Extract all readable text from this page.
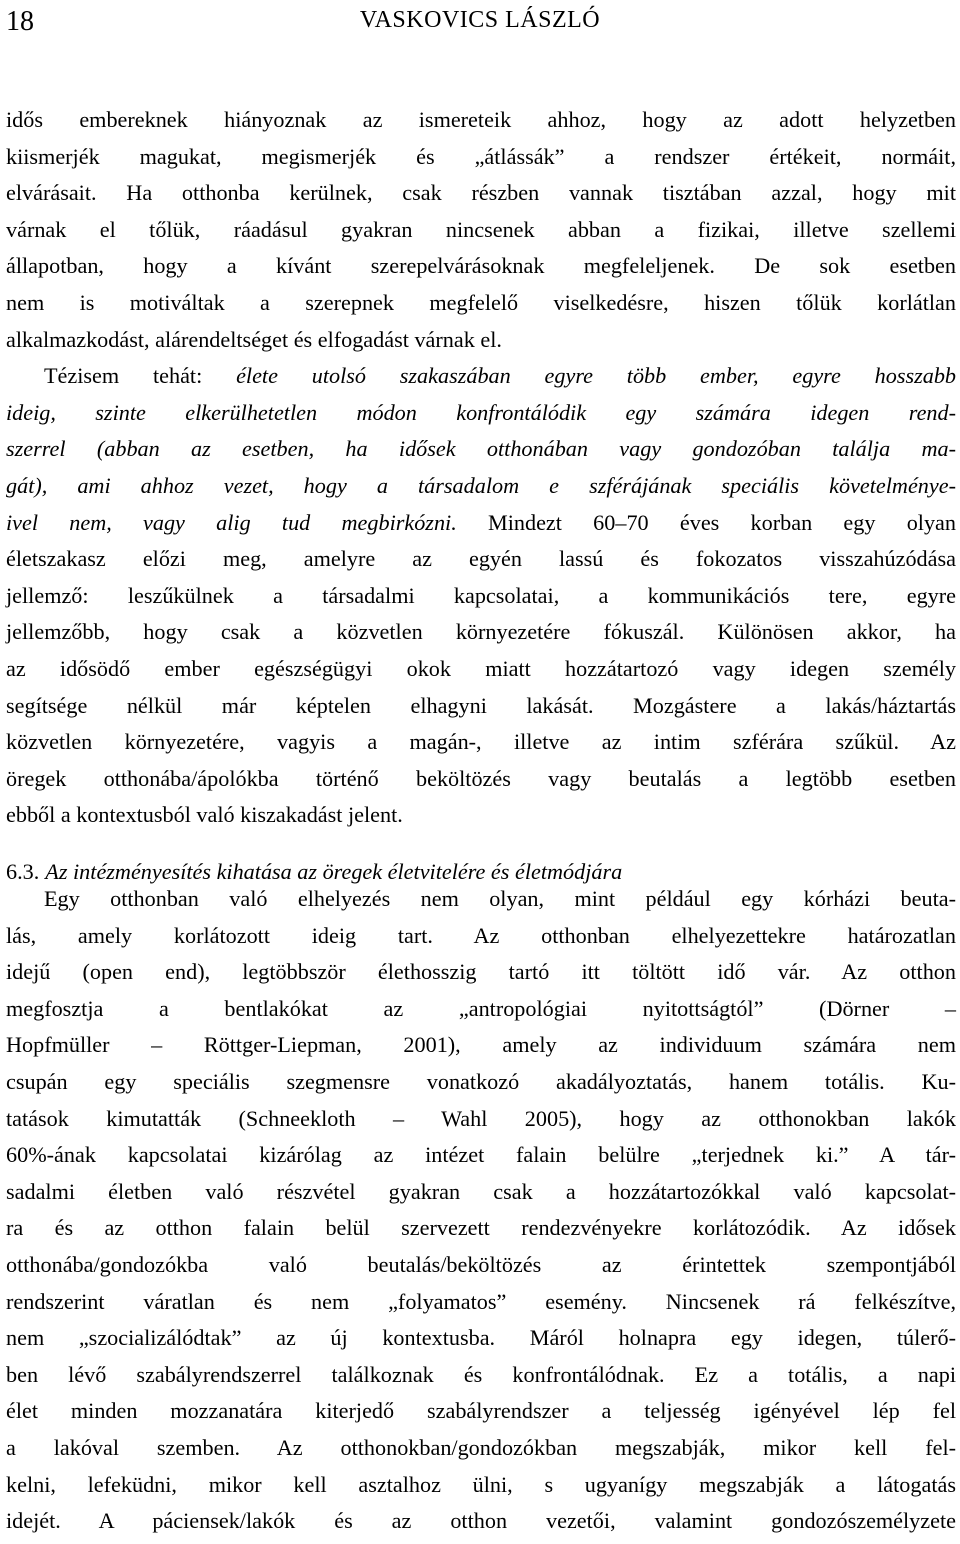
18	VASKOVICS LÁSZLÓ
idős embereknek hiányoznak az ismereteik ahhoz, hogy az adott helyzetben
kiismerjék magukat, megismerjék és „átlássák” a rendszer értékeit, normáit,
elvárásait. Ha otthonba kerülnek, csak részben vannak tisztában azzal, hogy mit
várnak el tőlük, ráadásul gyakran nincsenek abban a fizikai, illetve szellemi
állapotban, hogy a kívánt szerepelvárásoknak megfeleljenek. De sok esetben
nem is motiváltak a szerepnek megfelelő viselkedésre, hiszen tőlük korlátlan
alkalmazkodást, alárendeltséget és elfogadást várnak el.
Tézisem tehát: élete utolsó szakaszában egyre több ember, egyre hosszabb
ideig, szinte elkerülhetetlen módon konfrontálódik egy számára idegen rend-
szerrel (abban az esetben, ha idősek otthonában vagy gondozóban találja ma-
gát), ami ahhoz vezet, hogy a társadalom e szférájának speciális követelménye-
ivel nem, vagy alig tud megbirkózni. Mindezt 60–70 éves korban egy olyan
életszakasz előzi meg, amelyre az egyén lassú és fokozatos visszahúzódása
jellemző: leszűkülnek a társadalmi kapcsolatai, a kommunikációs tere, egyre
jellemzőbb, hogy csak a közvetlen környezetére fókuszál. Különösen akkor, ha
az idősödő ember egészségügyi okok miatt hozzátartozó vagy idegen személy
segítsége nélkül már képtelen elhagyni lakását. Mozgástere a lakás/háztartás
közvetlen környezetére, vagyis a magán-, illetve az intim szférára szűkül. Az
öregek otthonába/ápolókba történő beköltözés vagy beutalás a legtöbb esetben
ebből a kontextusból való kiszakadást jelent.
6.3. Az intézményesítés kihatása az öregek életvitelére és életmódjára
Egy otthonban való elhelyezés nem olyan, mint például egy kórházi beuta-
lás, amely korlátozott ideig tart. Az otthonban elhelyezettekre határozatlan
idejű (open end), legtöbbször élethosszig tartó itt töltött idő vár. Az otthon
megfosztja a bentlakókat az „antropológiai nyitottságtól” (Dörner –
Hopfmüller – Röttger-Liepman, 2001), amely az individuum számára nem
csupán egy speciális szegmensre vonatkozó akadályoztatás, hanem totális. Ku-
tatások kimutatták (Schneekloth – Wahl 2005), hogy az otthonokban lakók
60%-ának kapcsolatai kizárólag az intézet falain belülre „terjednek ki.” A tár-
sadalmi életben való részvétel gyakran csak a hozzátartozókkal való kapcsolat-
ra és az otthon falain belül szervezett rendezvényekre korlátozódik. Az idősek
otthonába/gondozókba való beutalás/beköltözés az érintettek szempontjából
rendszerint váratlan és nem „folyamatos” esemény. Nincsenek rá felkészítve,
nem „szocializálódtak” az új kontextusba. Máról holnapra egy idegen, túlerő-
ben lévő szabályrendszerrel találkoznak és konfrontálódnak. Ez a totális, a napi
élet minden mozzanatára kiterjedő szabályrendszer a teljesség igényével lép fel
a lakóval szemben. Az otthonokban/gondozókban megszabják, mikor kell fel-
kelni, lefeküdni, mikor kell asztalhoz ülni, s ugyanígy megszabják a látogatás
idejét. A páciensek/lakók és az otthon vezetői, valamint gondozószemélyzete
